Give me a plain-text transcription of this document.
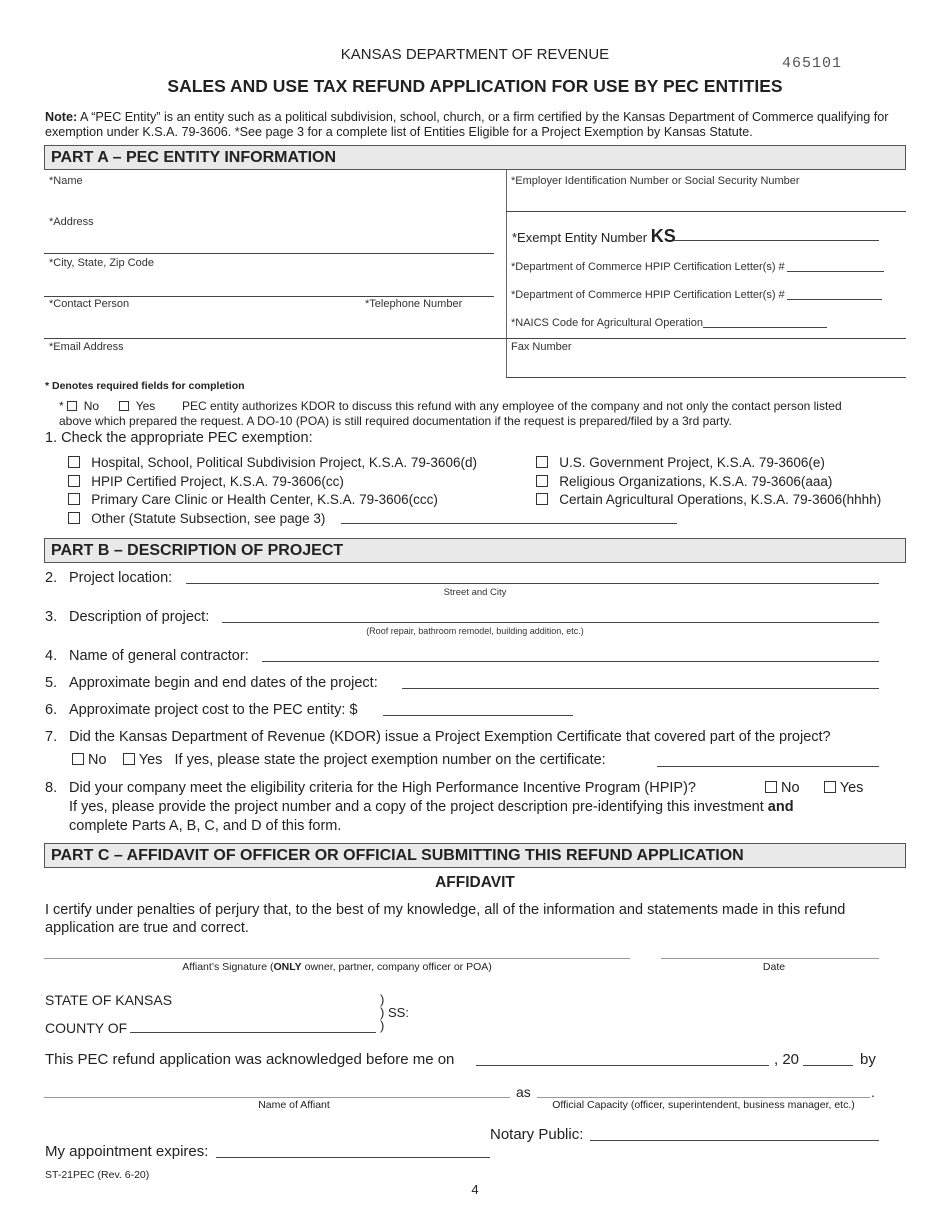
KANSAS DEPARTMENT OF REVENUE
465101
SALES AND USE TAX REFUND APPLICATION FOR USE BY PEC ENTITIES
Note: A “PEC Entity” is an entity such as a political subdivision, school, church, or a firm certified by the Kansas Department of Commerce qualifying for exemption under K.S.A. 79-3606. *See page 3 for a complete list of Entities Eligible for a Project Exemption by Kansas Statute.
PART A – PEC ENTITY INFORMATION
*Name	*Employer Identification Number or Social Security Number
*Address
*Exempt Entity Number KS
*City, State, Zip Code	*Department of Commerce HPIP Certification Letter(s) #
*Department of Commerce HPIP Certification Letter(s) #
*Contact Person	*Telephone Number
*NAICS Code for Agricultural Operation
*Email Address	Fax Number
* Denotes required fields for completion
* No	Yes PEC entity authorizes KDOR to discuss this refund with any employee of the company and not only the contact person listed
above which prepared the request. A DO-10 (POA) is still required documentation if the request is prepared/filed by a 3rd party.
1. Check the appropriate PEC exemption:
Hospital, School, Political Subdivision Project, K.S.A. 79-3606(d)
HPIP Certified Project, K.S.A. 79-3606(cc)
Primary Care Clinic or Health Center, K.S.A. 79-3606(ccc)
Other (Statute Subsection, see page 3)
U.S. Government Project, K.S.A. 79-3606(e)
Religious Organizations, K.S.A. 79-3606(aaa)
Certain Agricultural Operations, K.S.A. 79-3606(hhhh)
PART B – DESCRIPTION OF PROJECT
2. Project location:
Street and City
3. Description of project:
(Roof repair, bathroom remodel, building addition, etc.)
4. Name of general contractor:
5. Approximate begin and end dates of the project:
6. Approximate project cost to the PEC entity: $
7. Did the Kansas Department of Revenue (KDOR) issue a Project Exemption Certificate that covered part of the project?
No Yes If yes, please state the project exemption number on the certificate:
8. Did your company meet the eligibility criteria for the High Performance Incentive Program (HPIP)?	No	Yes
If yes, please provide the project number and a copy of the project description pre-identifying this investment and
complete Parts A, B, C, and D of this form.
PART C – AFFIDAVIT OF OFFICER OR OFFICIAL SUBMITTING THIS REFUND APPLICATION
AFFIDAVIT
I certify under penalties of perjury that, to the best of my knowledge, all of the information and statements made in this refund application are true and correct.
Affiant’s Signature (ONLY owner, partner, company officer or POA)	Date
STATE OF KANSAS
COUNTY OF
)
) SS:
)
This PEC refund application was acknowledged before me on	, 20	by
as	.
Name of Affiant	Official Capacity (officer, superintendent, business manager, etc.)
Notary Public:
My appointment expires:
ST-21PEC (Rev. 6-20)
4
